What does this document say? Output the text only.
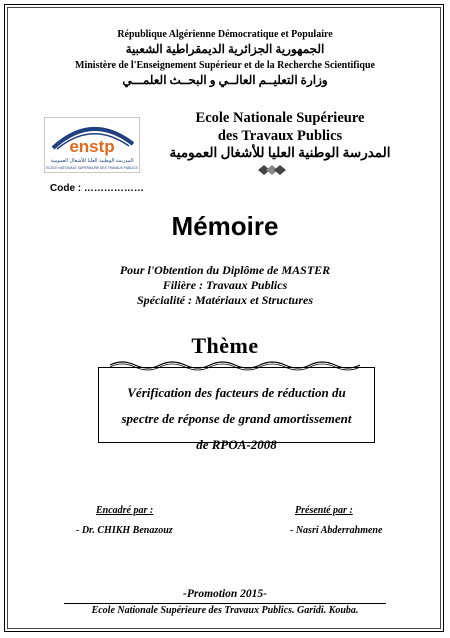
République Algérienne Démocratique et Populaire
الجمهورية الجزائرية الديمقراطية الشعبية
Ministère de l'Enseignement Supérieur et de la Recherche Scientifique
وزارة التعليــم العالــي و البحــث العلمـــي
enstp
المدرسة الوطنية العليا للأشغال العمومية
ECOLE NATIONALE SUPERIEURE DES TRAVAUX PUBLICS
Ecole Nationale Supérieure
des Travaux Publics
المدرسة الوطنية العليا للأشغال العمومية
Code : ………………
Mémoire
Pour l'Obtention du Diplôme de MASTER
Filière : Travaux Publics
Spécialité : Matériaux et Structures
Thème
Vérification des facteurs de réduction du
spectre de réponse de grand amortissement
de RPOA-2008
Encadré par :
- Dr. CHIKH Benazouz
Présenté par :
- Nasri Abderrahmene
-Promotion 2015-
Ecole Nationale Supérieure des Travaux Publics. Garidi. Kouba.
